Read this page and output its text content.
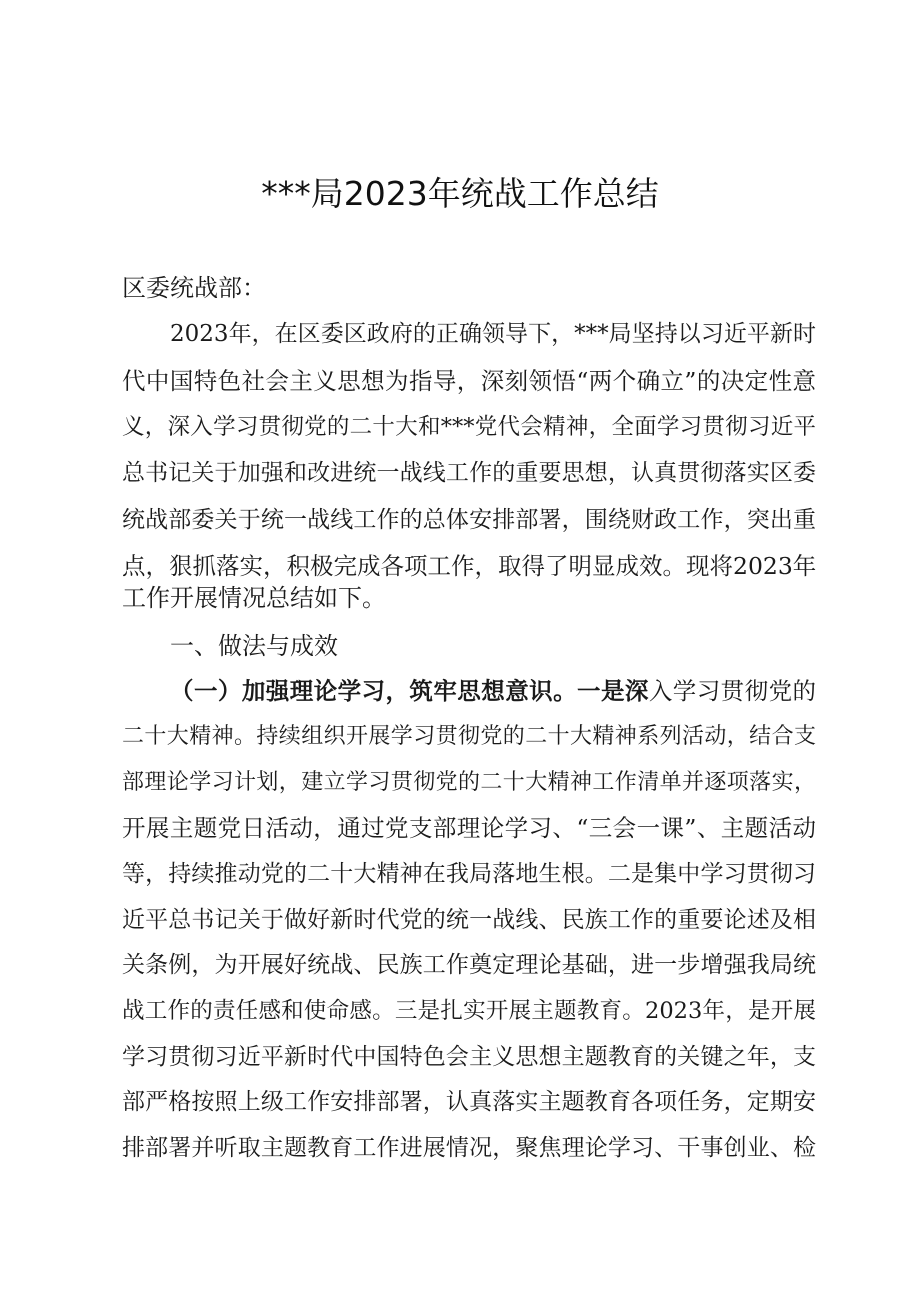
***局2023年统战工作总结
区委统战部：
2023年，在区委区政府的正确领导下，***局坚持以习近平新时
代中国特色社会主义思想为指导，深刻领悟“两个确立”的决定性意
义，深入学习贯彻党的二十大和***党代会精神，全面学习贯彻习近平
总书记关于加强和改进统一战线工作的重要思想，认真贯彻落实区委
统战部委关于统一战线工作的总体安排部署，围绕财政工作，突出重
点，狠抓落实，积极完成各项工作，取得了明显成效。现将2023年
工作开展情况总结如下。
一、做法与成效
（一）加强理论学习，筑牢思想意识。一是深入学习贯彻党的
二十大精神。持续组织开展学习贯彻党的二十大精神系列活动，结合支
部理论学习计划，建立学习贯彻党的二十大精神工作清单并逐项落实，
开展主题党日活动，通过党支部理论学习、“三会一课”、主题活动
等，持续推动党的二十大精神在我局落地生根。二是集中学习贯彻习
近平总书记关于做好新时代党的统一战线、民族工作的重要论述及相
关条例，为开展好统战、民族工作奠定理论基础，进一步增强我局统
战工作的责任感和使命感。三是扎实开展主题教育。2023年，是开展
学习贯彻习近平新时代中国特色会主义思想主题教育的关键之年，支
部严格按照上级工作安排部署，认真落实主题教育各项任务，定期安
排部署并听取主题教育工作进展情况，聚焦理论学习、干事创业、检
